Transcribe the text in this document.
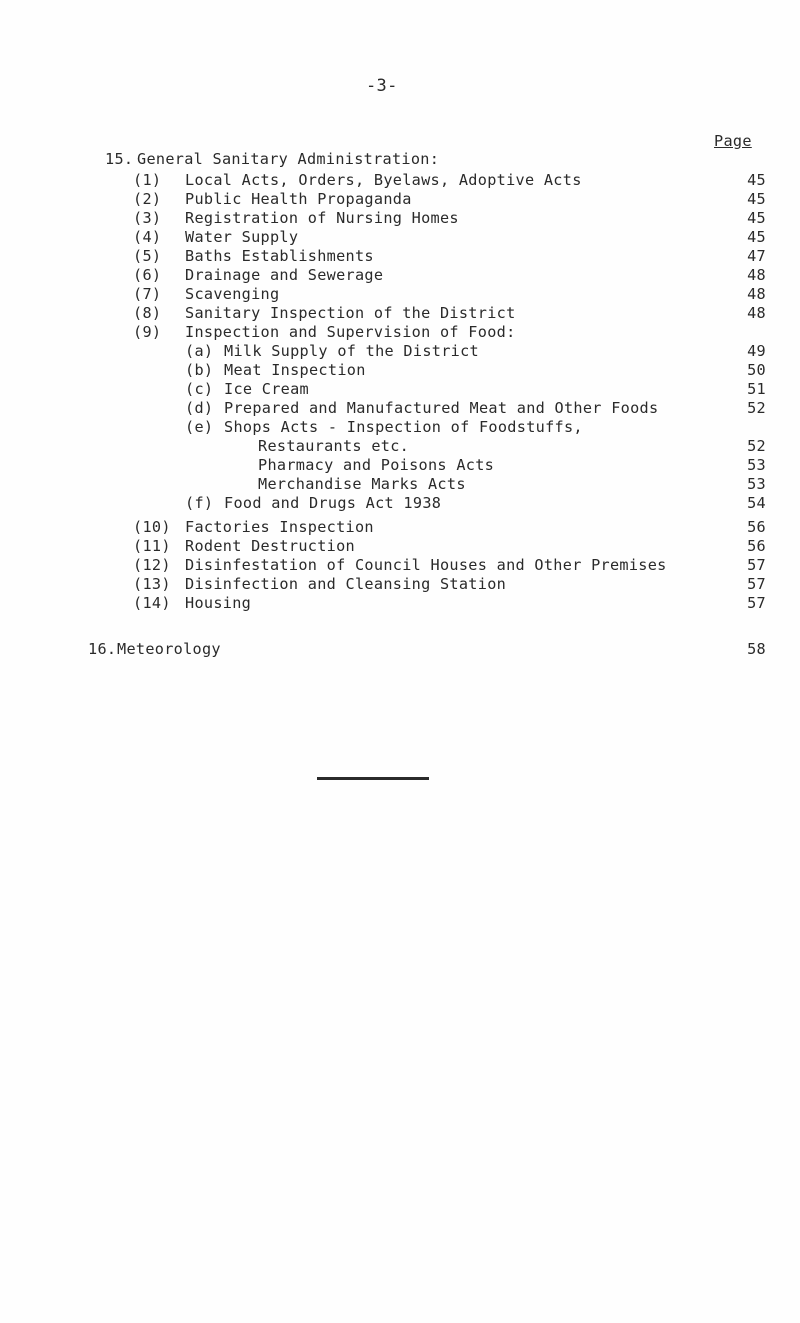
-3-
Page
15. General Sanitary Administration:
(1)
(2)
(3)
(4)
(5)
(6)
(7)
(8)
(9)
(a)
(b)
(c)
(d)
(e)
(f)
(10)
(11)
(12)
(13)
(14)
Local Acts, Orders, Byelaws, Adoptive Acts
Public Health Propaganda
Registration of Nursing Homes
Water Supply
Baths Establishments
Drainage and Sewerage
Scavenging
Sanitary Inspection of the District
Inspection and Supervision of Food:
Milk Supply of the District
Meat Inspection
Ice Cream
Prepared and Manufactured Meat and Other Foods
Shops Acts - Inspection of Foodstuffs,
Restaurants etc.
Pharmacy and Poisons Acts
Merchandise Marks Acts
Food and Drugs Act 1938
Factories Inspection
Rodent Destruction
Disinfestation of Council Houses and Other Premises
Disinfection and Cleansing Station
Housing
45
45
45
45
47
48
48
48
49
50
51
52
52
53
53
54
56
56
57
57
57
16. Meteorology	58
